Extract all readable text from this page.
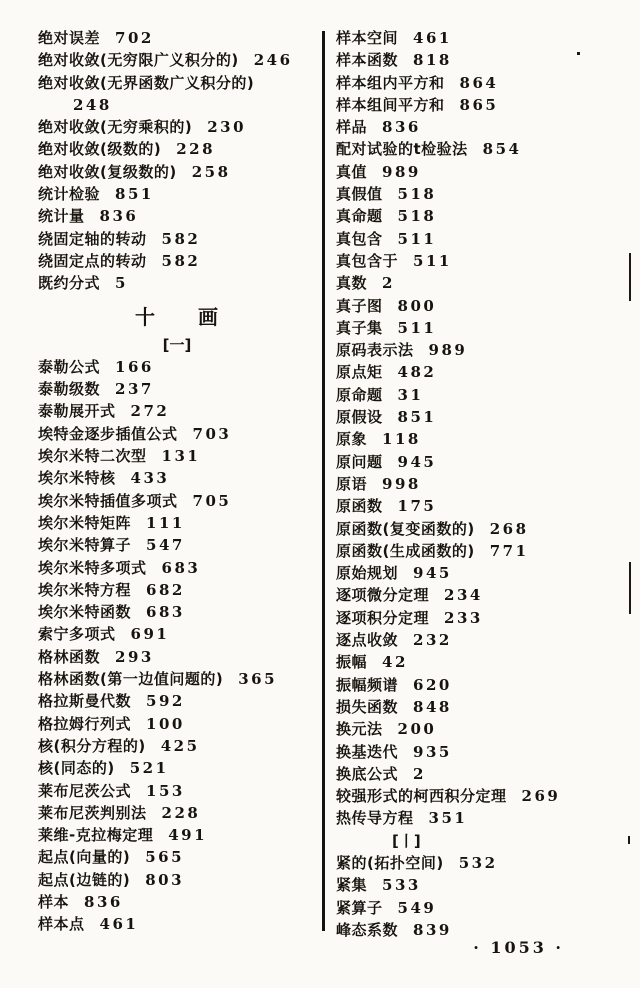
绝对误差 702
绝对收敛(无穷限广义积分的) 246
绝对收敛(无界函数广义积分的)
248
绝对收敛(无穷乘积的) 230
绝对收敛(级数的) 228
绝对收敛(复级数的) 258
统计检验 851
统计量 836
绕固定轴的转动 582
绕固定点的转动 582
既约分式 5
十　　画
[一]
泰勒公式 166
泰勒级数 237
泰勒展开式 272
埃特金逐步插值公式 703
埃尔米特二次型 131
埃尔米特核 433
埃尔米特插值多项式 705
埃尔米特矩阵 111
埃尔米特算子 547
埃尔米特多项式 683
埃尔米特方程 682
埃尔米特函数 683
索宁多项式 691
格林函数 293
格林函数(第一边值问题的) 365
格拉斯曼代数 592
格拉姆行列式 100
核(积分方程的) 425
核(同态的) 521
莱布尼茨公式 153
莱布尼茨判别法 228
莱维-克拉梅定理 491
起点(向量的) 565
起点(边链的) 803
样本 836
样本点 461
样本空间 461
样本函数 818
样本组内平方和 864
样本组间平方和 865
样品 836
配对试验的t检验法 854
真值 989
真假值 518
真命题 518
真包含 511
真包含于 511
真数 2
真子图 800
真子集 511
原码表示法 989
原点矩 482
原命题 31
原假设 851
原象 118
原问题 945
原语 998
原函数 175
原函数(复变函数的) 268
原函数(生成函数的) 771
原始规划 945
逐项微分定理 234
逐项积分定理 233
逐点收敛 232
振幅 42
振幅频谱 620
损失函数 848
换元法 200
换基迭代 935
换底公式 2
较强形式的柯西积分定理 269
热传导方程 351
[丨]
紧的(拓扑空间) 532
紧集 533
紧算子 549
峰态系数 839
· 1053 ·
